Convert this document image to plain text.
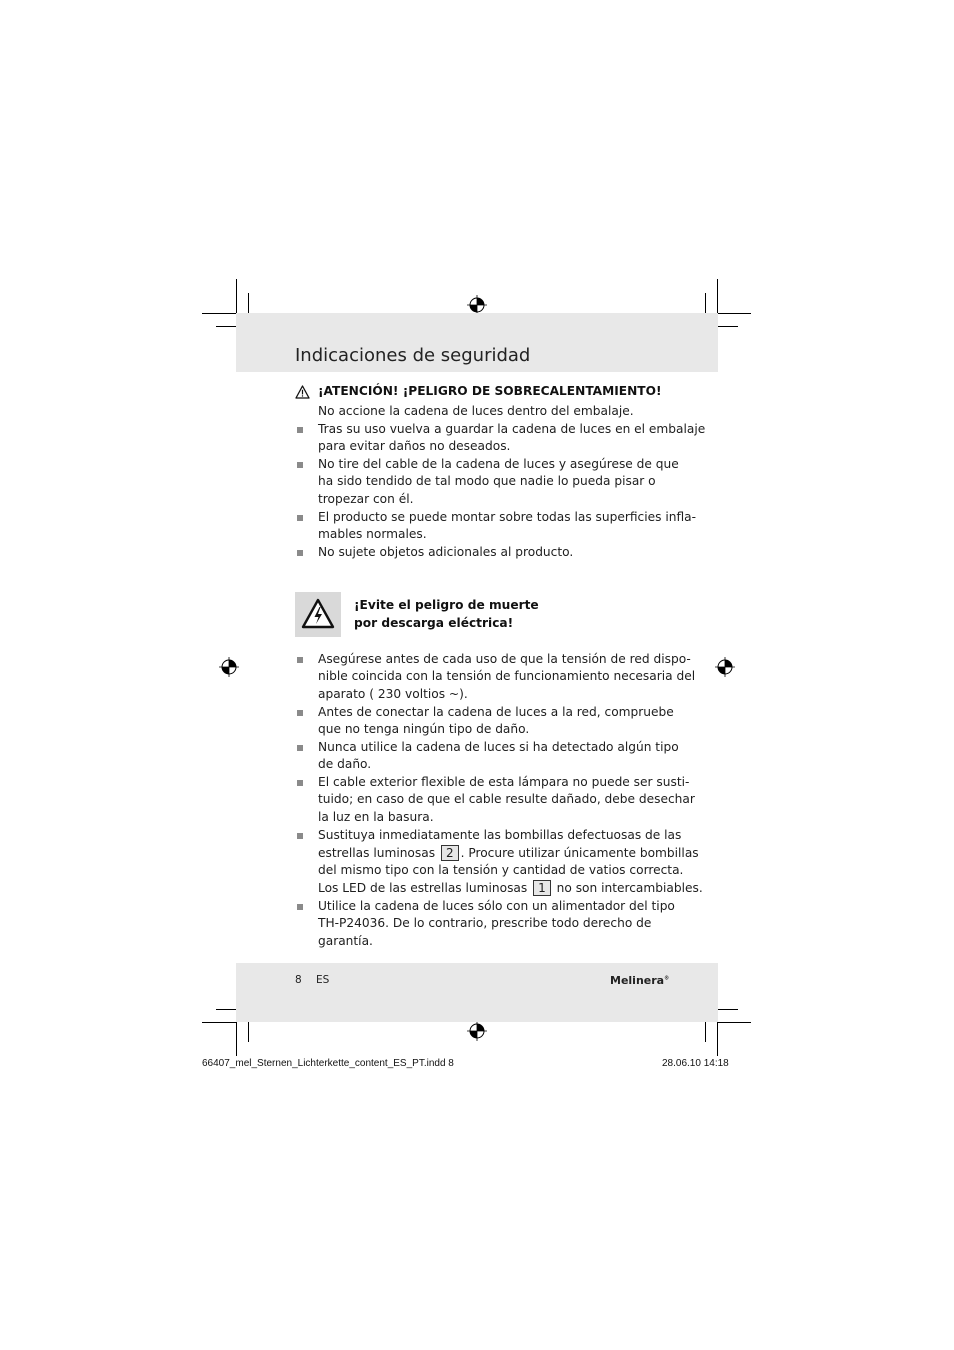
Indicaciones de seguridad
¡ATENCIÓN! ¡PELIGRO DE SOBRECALENTAMIENTO!
No accione la cadena de luces dentro del embalaje.
Tras su uso vuelva a guardar la cadena de luces en el embalaje
para evitar daños no deseados.
No tire del cable de la cadena de luces y asegúrese de que
ha sido tendido de tal modo que nadie lo pueda pisar o
tropezar con él.
El producto se puede montar sobre todas las superficies infla-
mables normales.
No sujete objetos adicionales al producto.
¡Evite el peligro de muerte
por descarga eléctrica!
Asegúrese antes de cada uso de que la tensión de red dispo-
nible coincida con la tensión de funcionamiento necesaria del
aparato ( 230 voltios ~).
Antes de conectar la cadena de luces a la red, compruebe
que no tenga ningún tipo de daño.
Nunca utilice la cadena de luces si ha detectado algún tipo
de daño.
El cable exterior flexible de esta lámpara no puede ser susti-
tuido; en caso de que el cable resulte dañado, debe desechar
la luz en la basura.
Sustituya inmediatamente las bombillas defectuosas de las
estrellas luminosas 2 . Procure utilizar únicamente bombillas
del mismo tipo con la tensión y cantidad de vatios correcta.
Los LED de las estrellas luminosas 1 no son intercambiables.
Utilice la cadena de luces sólo con un alimentador del tipo
TH-P24036. De lo contrario, prescribe todo derecho de
garantía.
8 ES	Melinera®
66407_mel_Sternen_Lichterkette_content_ES_PT.indd 8	28.06.10 14:18
